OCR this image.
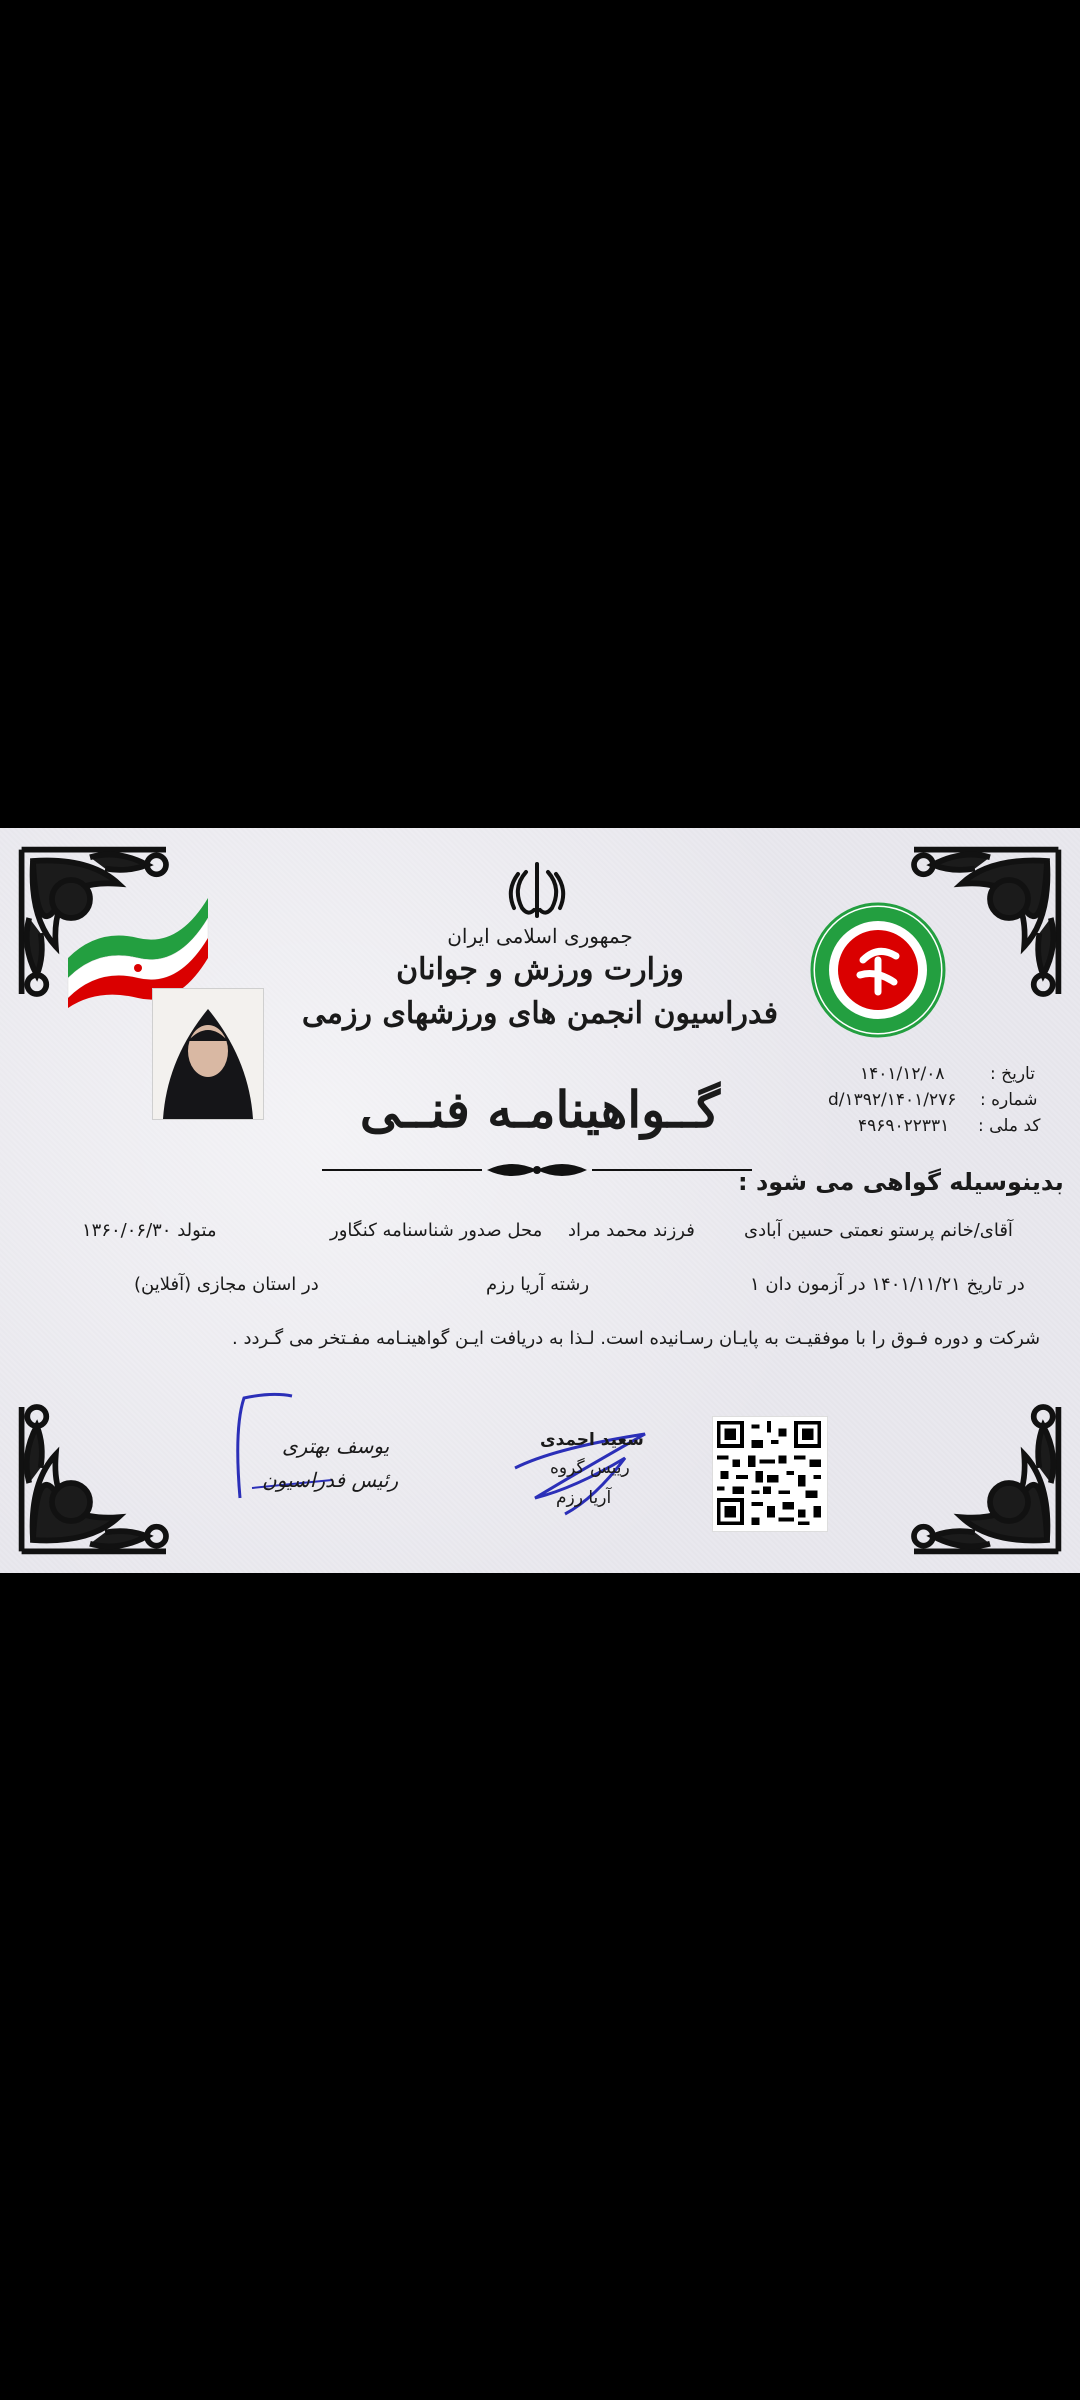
جمهوری اسلامی ایران
وزارت ورزش و جوانان
فدراسیون انجمن های ورزشهای رزمی
گــواهینامـه فنــی
تاریخ :
۱۴۰۱/۱۲/۰۸
شماره :
۱۴۰۱/۲۷۶/d/۱۳۹۲
کد ملی :
۴۹۶۹۰۲۲۳۳۱
بدینوسیله گواهی می شود :
آقای/خانم پرستو نعمتی حسین آبادی
فرزند محمد مراد
محل صدور شناسنامه کنگاور
متولد ۱۳۶۰/۰۶/۳۰
در تاریخ ۱۴۰۱/۱۱/۲۱ در آزمون دان ۱
رشته آریا رزم
در استان مجازی (آفلاین)
شرکت و دوره فـوق را با موفقیـت به پایـان رسـانیده است. لـذا به دریافت ایـن گواهینـامه مفـتخر می گـردد .
یوسف بهتری
رئیس فدراسیون
سعید احمدی
رییس گروه
آریا رزم
